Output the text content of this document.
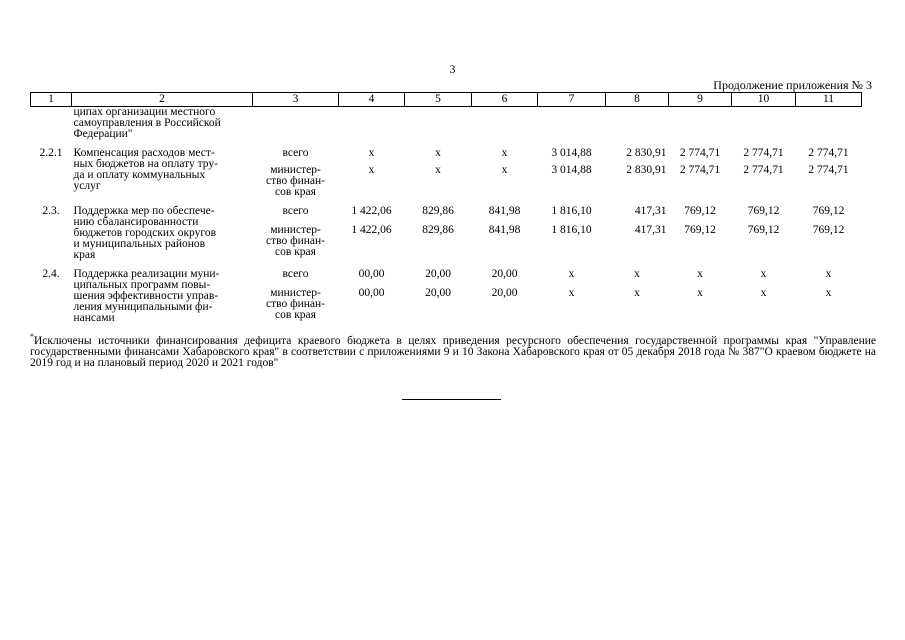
3
Продолжение приложения № 3
1	2	3	4	5	6	7	8	9	10	11

	ципах организации местного
самоуправления в Российской
Федерации"									

2.2.1	Компенсация расходов мест-
ных бюджетов на оплату тру-
да и оплату коммунальных
услуг	всего	х	х	х	3 014,88	2 830,91	2 774,71	2 774,71	2 774,71

		министер-
ство финан-
сов края	х	х	х	3 014,88	2 830,91	2 774,71	2 774,71	2 774,71

2.3.	Поддержка мер по обеспече-
нию сбалансированности
бюджетов городских округов
и муниципальных районов
края	всего	1 422,06	829,86	841,98	1 816,10	417,31	769,12	769,12	769,12

		министер-
ство финан-
сов края	1 422,06	829,86	841,98	1 816,10	417,31	769,12	769,12	769,12

2.4.	Поддержка реализации муни-
ципальных программ повы-
шения эффективности управ-
ления муниципальными фи-
нансами	всего	00,00	20,00	20,00	х	х	х	х	х

		министер-
ство финан-
сов края	00,00	20,00	20,00	х	х	х	х	х
*Исключены источники финансирования дефицита краевого бюджета в целях приведения ресурсного обеспечения государственной программы края "Управление государственными финансами Хабаровского края" в соответствии с приложениями 9 и 10 Закона Хабаровского края от 05 декабря 2018 года № 387"О краевом бюджете на 2019 год и на плановый период 2020 и 2021 годов"
